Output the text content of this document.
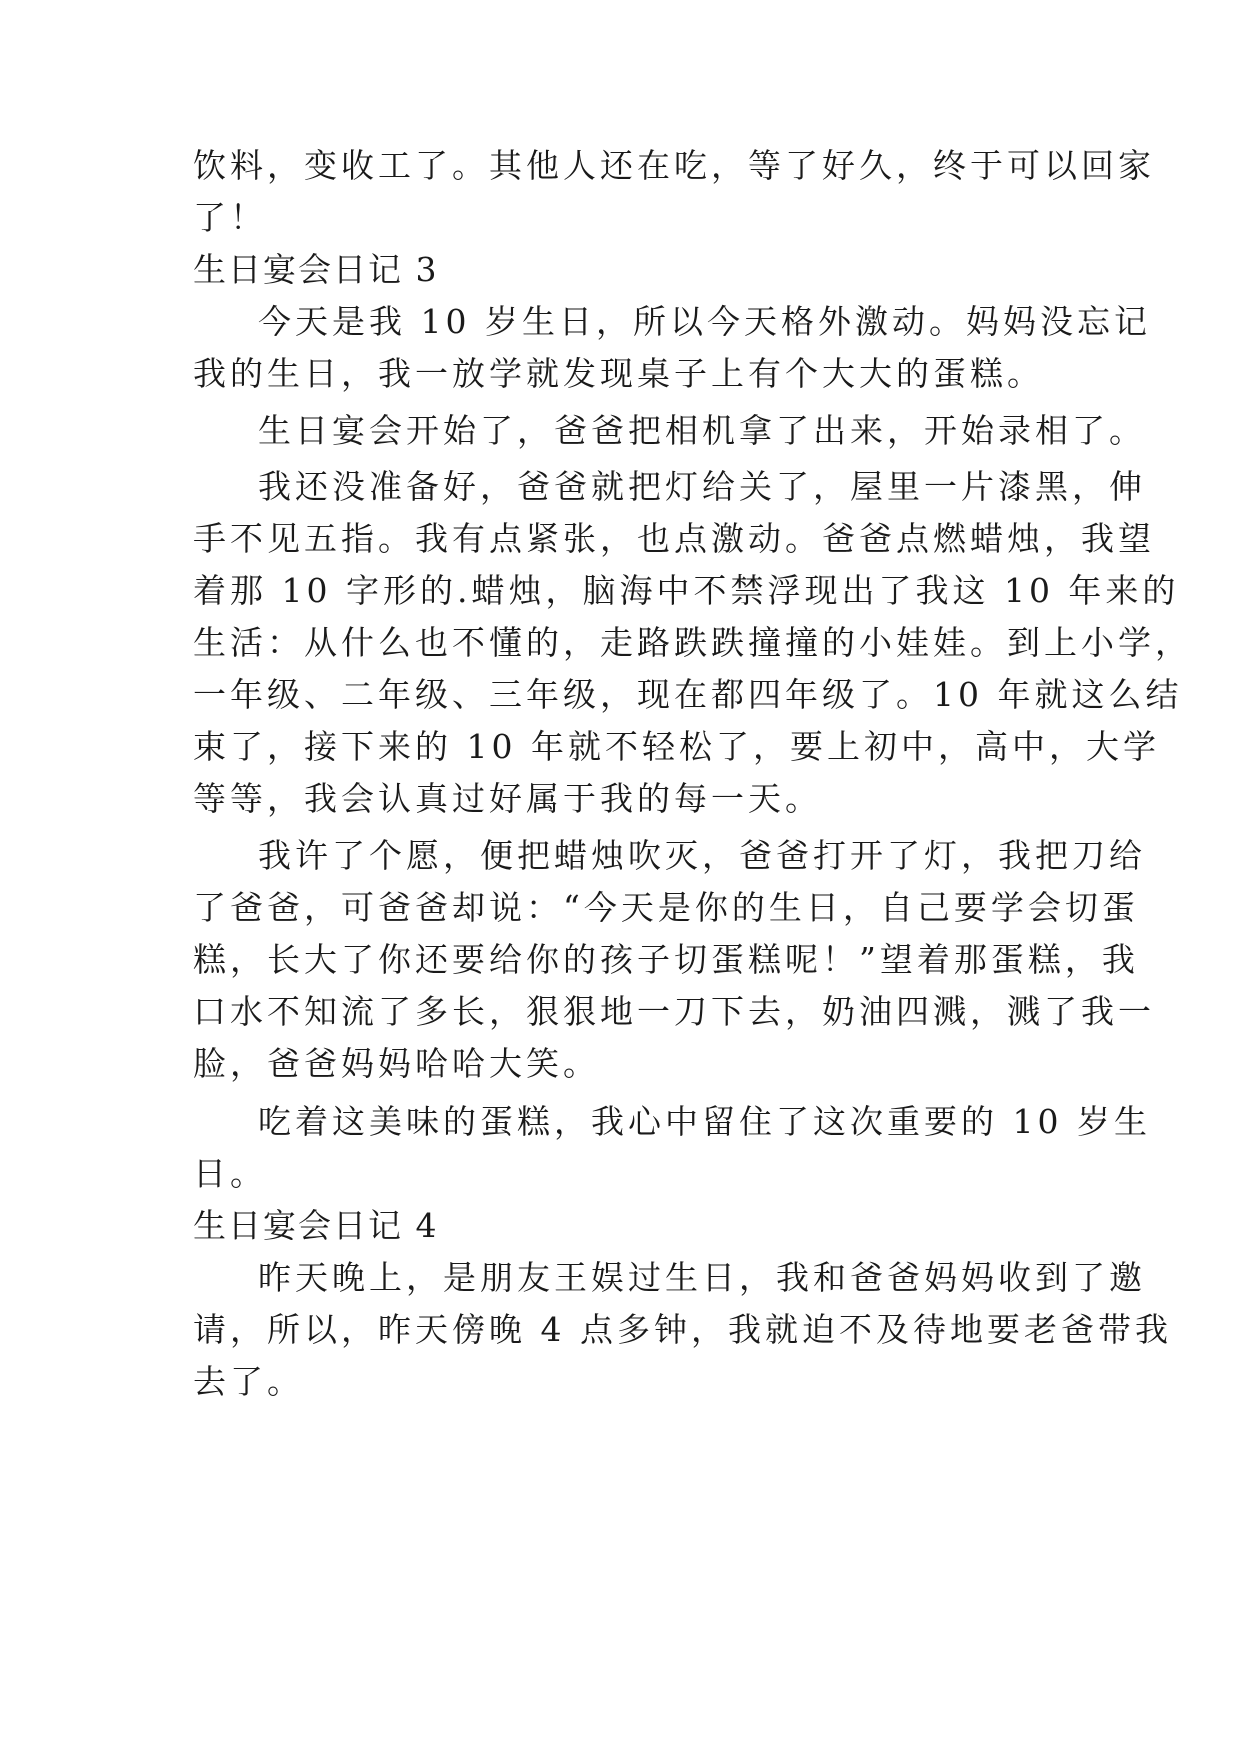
饮料，变收工了。其他人还在吃，等了好久，终于可以回家

了！

生日宴会日记 3

今天是我 10 岁生日，所以今天格外激动。妈妈没忘记

我的生日，我一放学就发现桌子上有个大大的蛋糕。

生日宴会开始了，爸爸把相机拿了出来，开始录相了。

我还没准备好，爸爸就把灯给关了，屋里一片漆黑，伸

手不见五指。我有点紧张，也点激动。爸爸点燃蜡烛，我望

着那 10 字形的.蜡烛，脑海中不禁浮现出了我这 10 年来的

生活：从什么也不懂的，走路跌跌撞撞的小娃娃。到上小学，

一年级、二年级、三年级，现在都四年级了。10 年就这么结

束了，接下来的 10 年就不轻松了，要上初中，高中，大学

等等，我会认真过好属于我的每一天。

我许了个愿，便把蜡烛吹灭，爸爸打开了灯，我把刀给

了爸爸，可爸爸却说：“今天是你的生日，自己要学会切蛋

糕，长大了你还要给你的孩子切蛋糕呢！”望着那蛋糕，我

口水不知流了多长，狠狠地一刀下去，奶油四溅，溅了我一

脸，爸爸妈妈哈哈大笑。

吃着这美味的蛋糕，我心中留住了这次重要的 10 岁生

日。

生日宴会日记 4

昨天晚上，是朋友王娱过生日，我和爸爸妈妈收到了邀

请，所以，昨天傍晚 4 点多钟，我就迫不及待地要老爸带我

去了。
